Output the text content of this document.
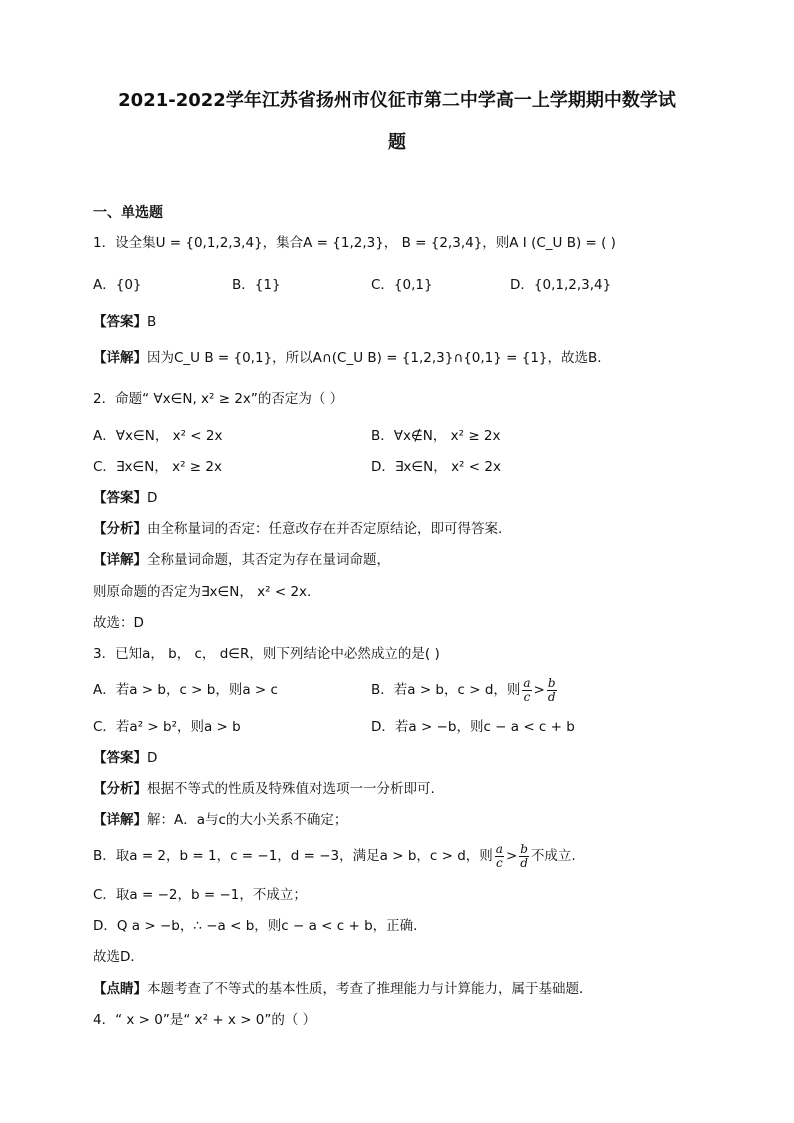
2021-2022学年江苏省扬州市仪征市第二中学高一上学期期中数学试
题
一、单选题
1．设全集U = {0,1,2,3,4}，集合A = {1,2,3}， B = {2,3,4}，则A I (C_U B) = ( )
A．{0}	B．{1}	C．{0,1}	D．{0,1,2,3,4}
【答案】B
【详解】因为C_U B = {0,1}，所以A∩(C_U B) = {1,2,3}∩{0,1} = {1}，故选B.
2．命题“ ∀x∈N, x² ≥ 2x”的否定为（ ）
A．∀x∈N， x² < 2x	B．∀x∉N， x² ≥ 2x
C．∃x∈N， x² ≥ 2x	D．∃x∈N， x² < 2x
【答案】D
【分析】由全称量词的否定：任意改存在并否定原结论，即可得答案.
【详解】全称量词命题，其否定为存在量词命题，
则原命题的否定为∃x∈N， x² < 2x.
故选：D
3．已知a， b， c， d∈R，则下列结论中必然成立的是( )
A．若a > b，c > b，则a > c	B．若a > b，c > d，则 $\frac{a}{c} > \frac{b}{d}$
C．若a² > b²，则a > b	D．若a > −b，则c − a < c + b
【答案】D
【分析】根据不等式的性质及特殊值对选项一一分析即可.
【详解】解：A．a与c的大小关系不确定；
B．取a = 2，b = 1，c = −1，d = −3，满足a > b，c > d，则 $\frac{a}{c} > \frac{b}{d}$ 不成立.
C．取a = −2，b = −1，不成立；
D．Q a > −b，∴ −a < b，则c − a < c + b，正确.
故选D．
【点睛】本题考查了不等式的基本性质，考查了推理能力与计算能力，属于基础题．
4．“ x > 0”是“ x² + x > 0”的（ ）
